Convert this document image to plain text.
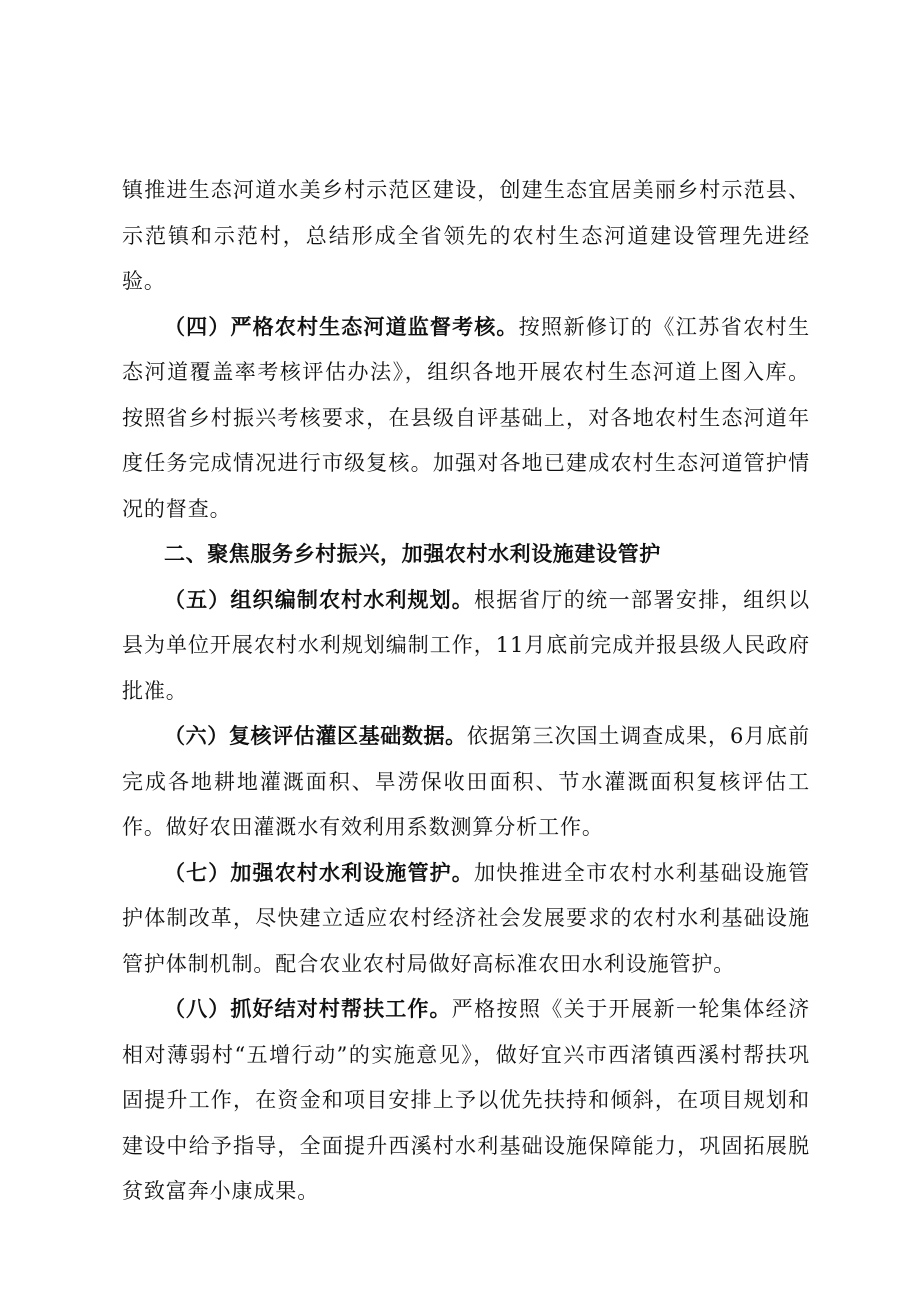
镇推进生态河道水美乡村示范区建设，创建生态宜居美丽乡村示范县、示范镇和示范村，总结形成全省领先的农村生态河道建设管理先进经验。

（四）严格农村生态河道监督考核。按照新修订的《江苏省农村生态河道覆盖率考核评估办法》，组织各地开展农村生态河道上图入库。按照省乡村振兴考核要求，在县级自评基础上，对各地农村生态河道年度任务完成情况进行市级复核。加强对各地已建成农村生态河道管护情况的督查。

二、聚焦服务乡村振兴，加强农村水利设施建设管护

（五）组织编制农村水利规划。根据省厅的统一部署安排，组织以县为单位开展农村水利规划编制工作，11月底前完成并报县级人民政府批准。

（六）复核评估灌区基础数据。依据第三次国土调查成果，6月底前完成各地耕地灌溉面积、旱涝保收田面积、节水灌溉面积复核评估工作。做好农田灌溉水有效利用系数测算分析工作。

（七）加强农村水利设施管护。加快推进全市农村水利基础设施管护体制改革，尽快建立适应农村经济社会发展要求的农村水利基础设施管护体制机制。配合农业农村局做好高标准农田水利设施管护。

（八）抓好结对村帮扶工作。严格按照《关于开展新一轮集体经济相对薄弱村“五增行动”的实施意见》，做好宜兴市西渚镇西溪村帮扶巩固提升工作，在资金和项目安排上予以优先扶持和倾斜，在项目规划和建设中给予指导，全面提升西溪村水利基础设施保障能力，巩固拓展脱贫致富奔小康成果。
